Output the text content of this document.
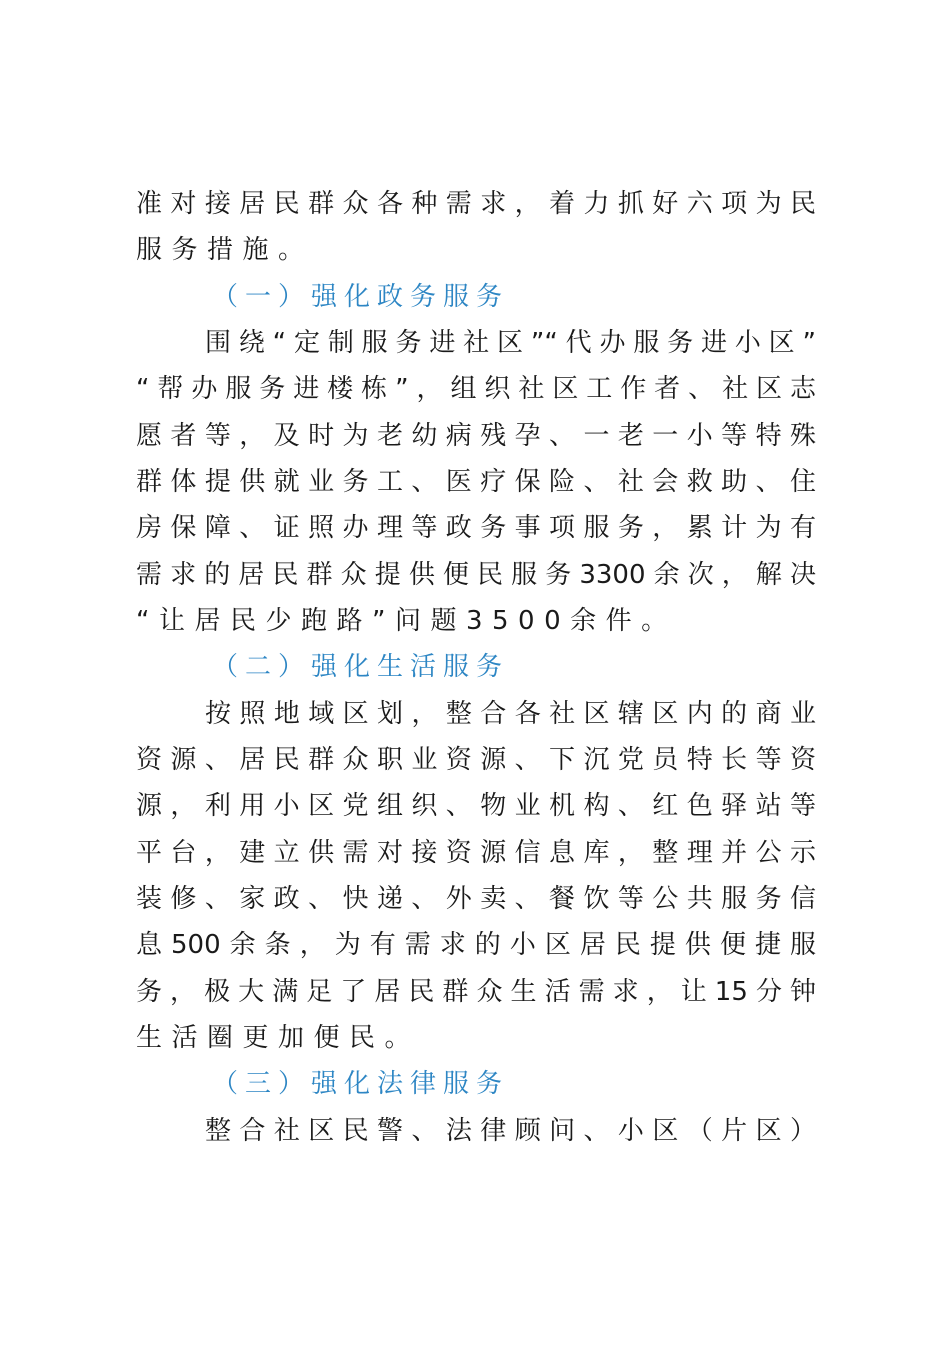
准对接居民群众各种需求，着力抓好六项为民
服务措施。
（一）强化政务服务
围绕“定制服务进社区”“代办服务进小区”
“帮办服务进楼栋”，组织社区工作者、社区志
愿者等，及时为老幼病残孕、一老一小等特殊
群体提供就业务工、医疗保险、社会救助、住
房保障、证照办理等政务事项服务，累计为有
需求的居民群众提供便民服务3300余次，解决
“让居民少跑路”问题3500余件。
（二）强化生活服务
按照地域区划，整合各社区辖区内的商业
资源、居民群众职业资源、下沉党员特长等资
源，利用小区党组织、物业机构、红色驿站等
平台，建立供需对接资源信息库，整理并公示
装修、家政、快递、外卖、餐饮等公共服务信
息500余条，为有需求的小区居民提供便捷服
务，极大满足了居民群众生活需求，让15分钟
生活圈更加便民。
（三）强化法律服务
整合社区民警、法律顾问、小区（片区）
